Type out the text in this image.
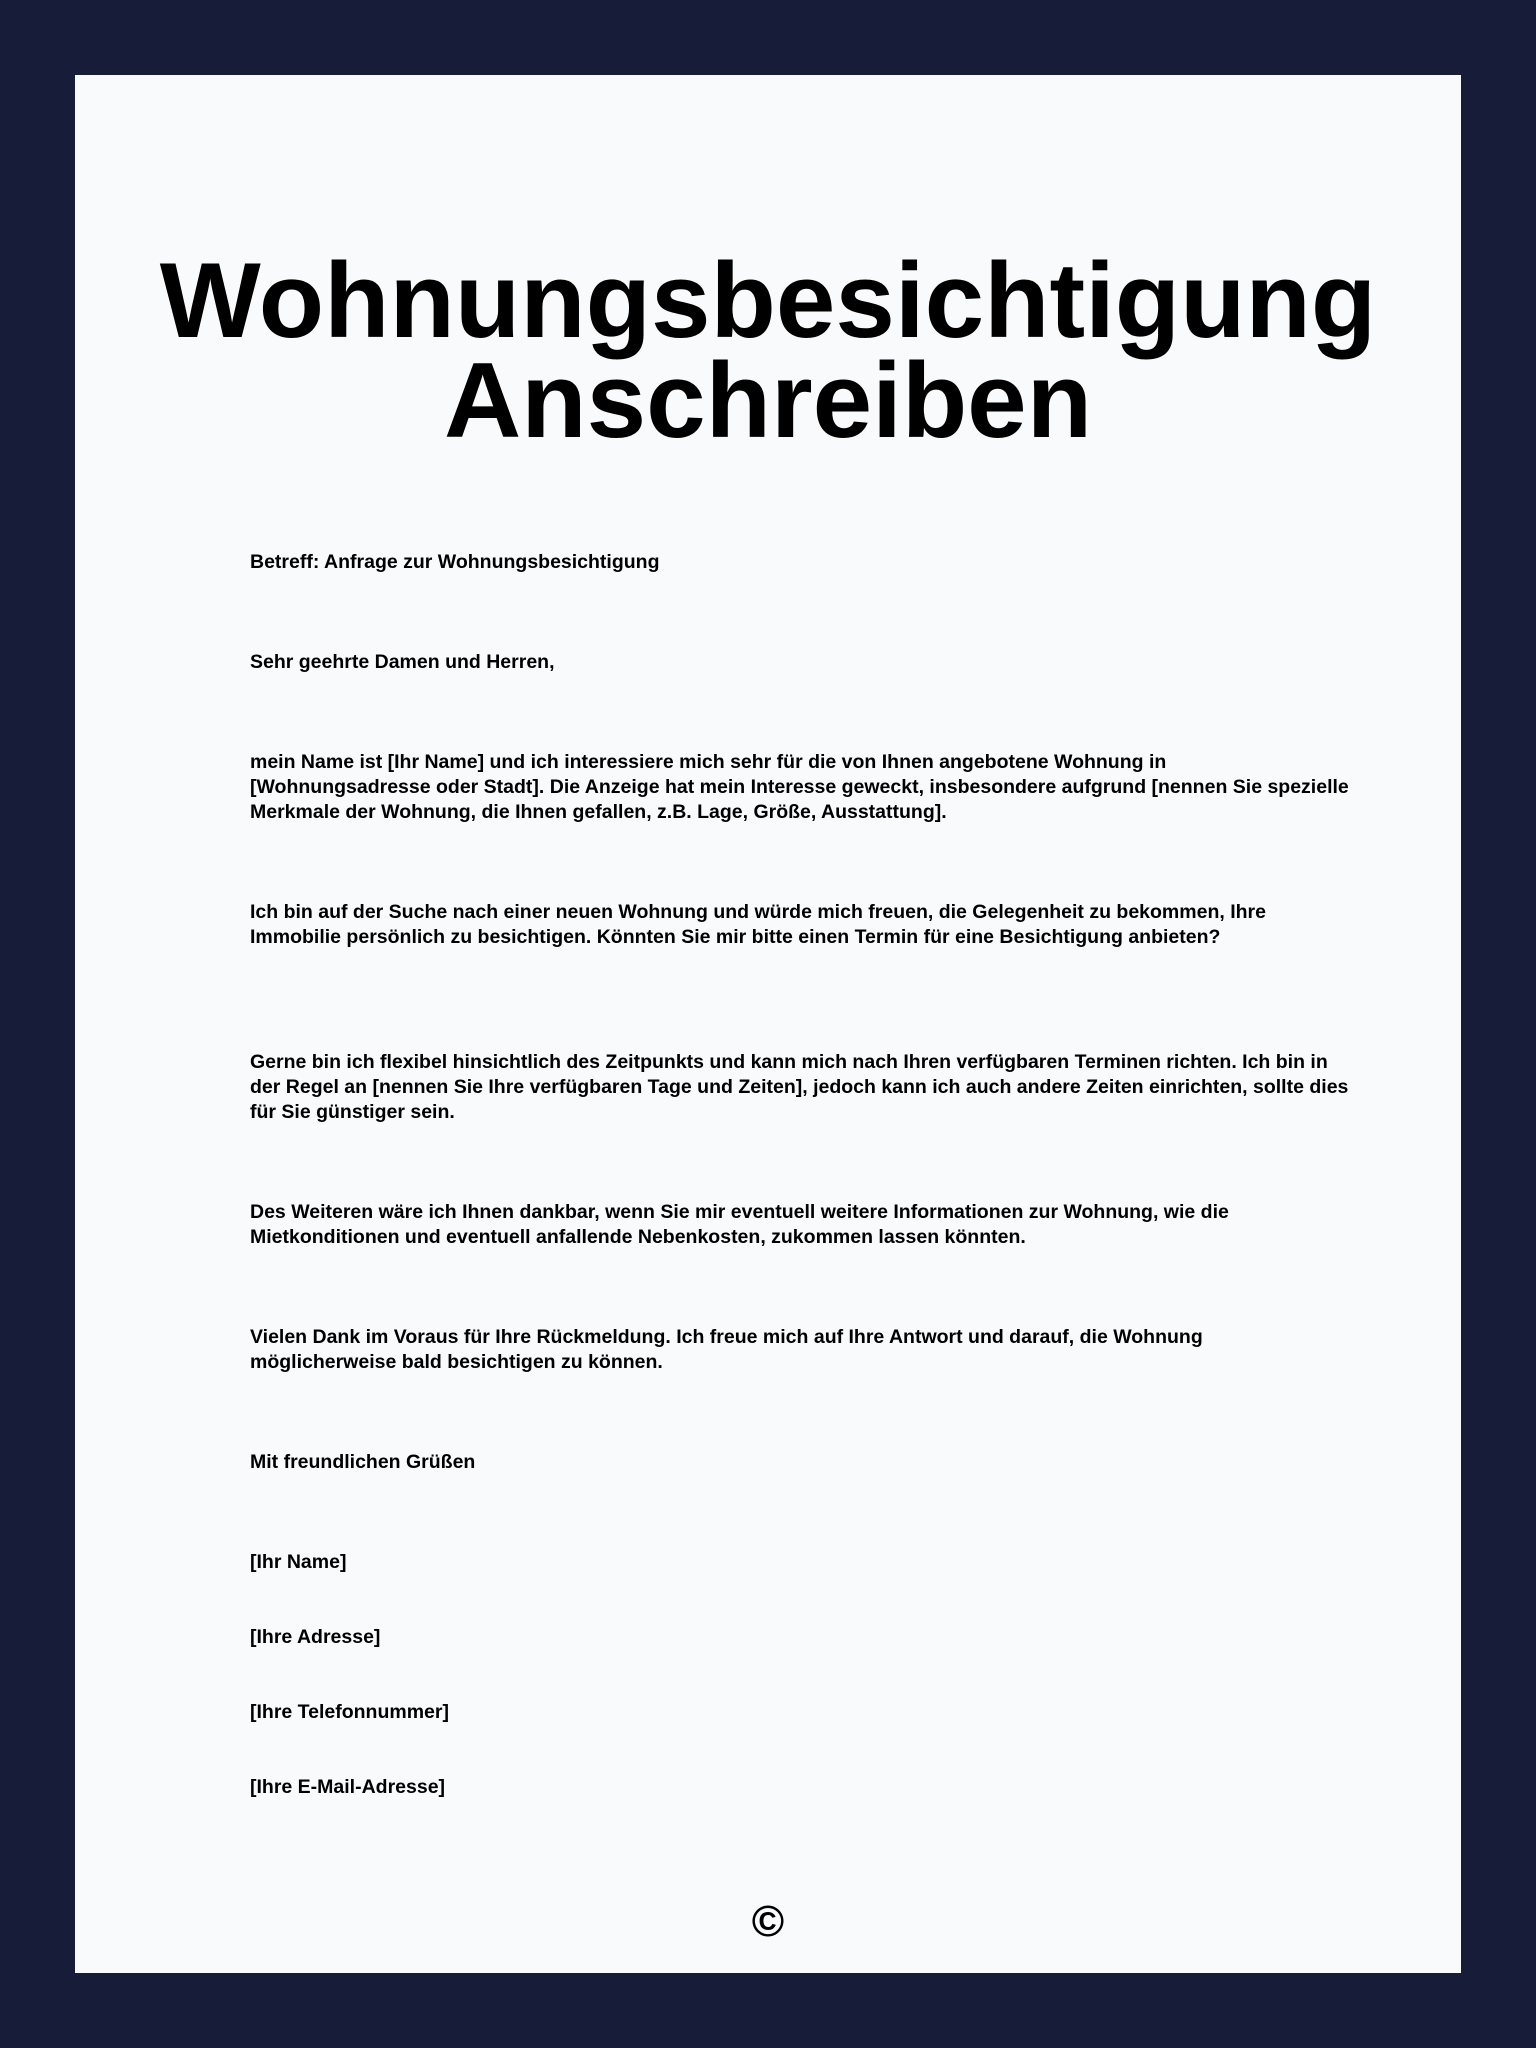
Wohnungsbesichtigung
Anschreiben

Betreff: Anfrage zur Wohnungsbesichtigung

Sehr geehrte Damen und Herren,

mein Name ist [Ihr Name] und ich interessiere mich sehr für die von Ihnen angebotene Wohnung in [Wohnungsadresse oder Stadt]. Die Anzeige hat mein Interesse geweckt, insbesondere aufgrund [nennen Sie spezielle Merkmale der Wohnung, die Ihnen gefallen, z.B. Lage, Größe, Ausstattung].

Ich bin auf der Suche nach einer neuen Wohnung und würde mich freuen, die Gelegenheit zu bekommen, Ihre Immobilie persönlich zu besichtigen. Könnten Sie mir bitte einen Termin für eine Besichtigung anbieten?

Gerne bin ich flexibel hinsichtlich des Zeitpunkts und kann mich nach Ihren verfügbaren Terminen richten. Ich bin in der Regel an [nennen Sie Ihre verfügbaren Tage und Zeiten], jedoch kann ich auch andere Zeiten einrichten, sollte dies für Sie günstiger sein.

Des Weiteren wäre ich Ihnen dankbar, wenn Sie mir eventuell weitere Informationen zur Wohnung, wie die Mietkonditionen und eventuell anfallende Nebenkosten, zukommen lassen könnten.

Vielen Dank im Voraus für Ihre Rückmeldung. Ich freue mich auf Ihre Antwort und darauf, die Wohnung möglicherweise bald besichtigen zu können.

Mit freundlichen Grüßen

[Ihr Name]

[Ihre Adresse]

[Ihre Telefonnummer]

[Ihre E-Mail-Adresse]

©
